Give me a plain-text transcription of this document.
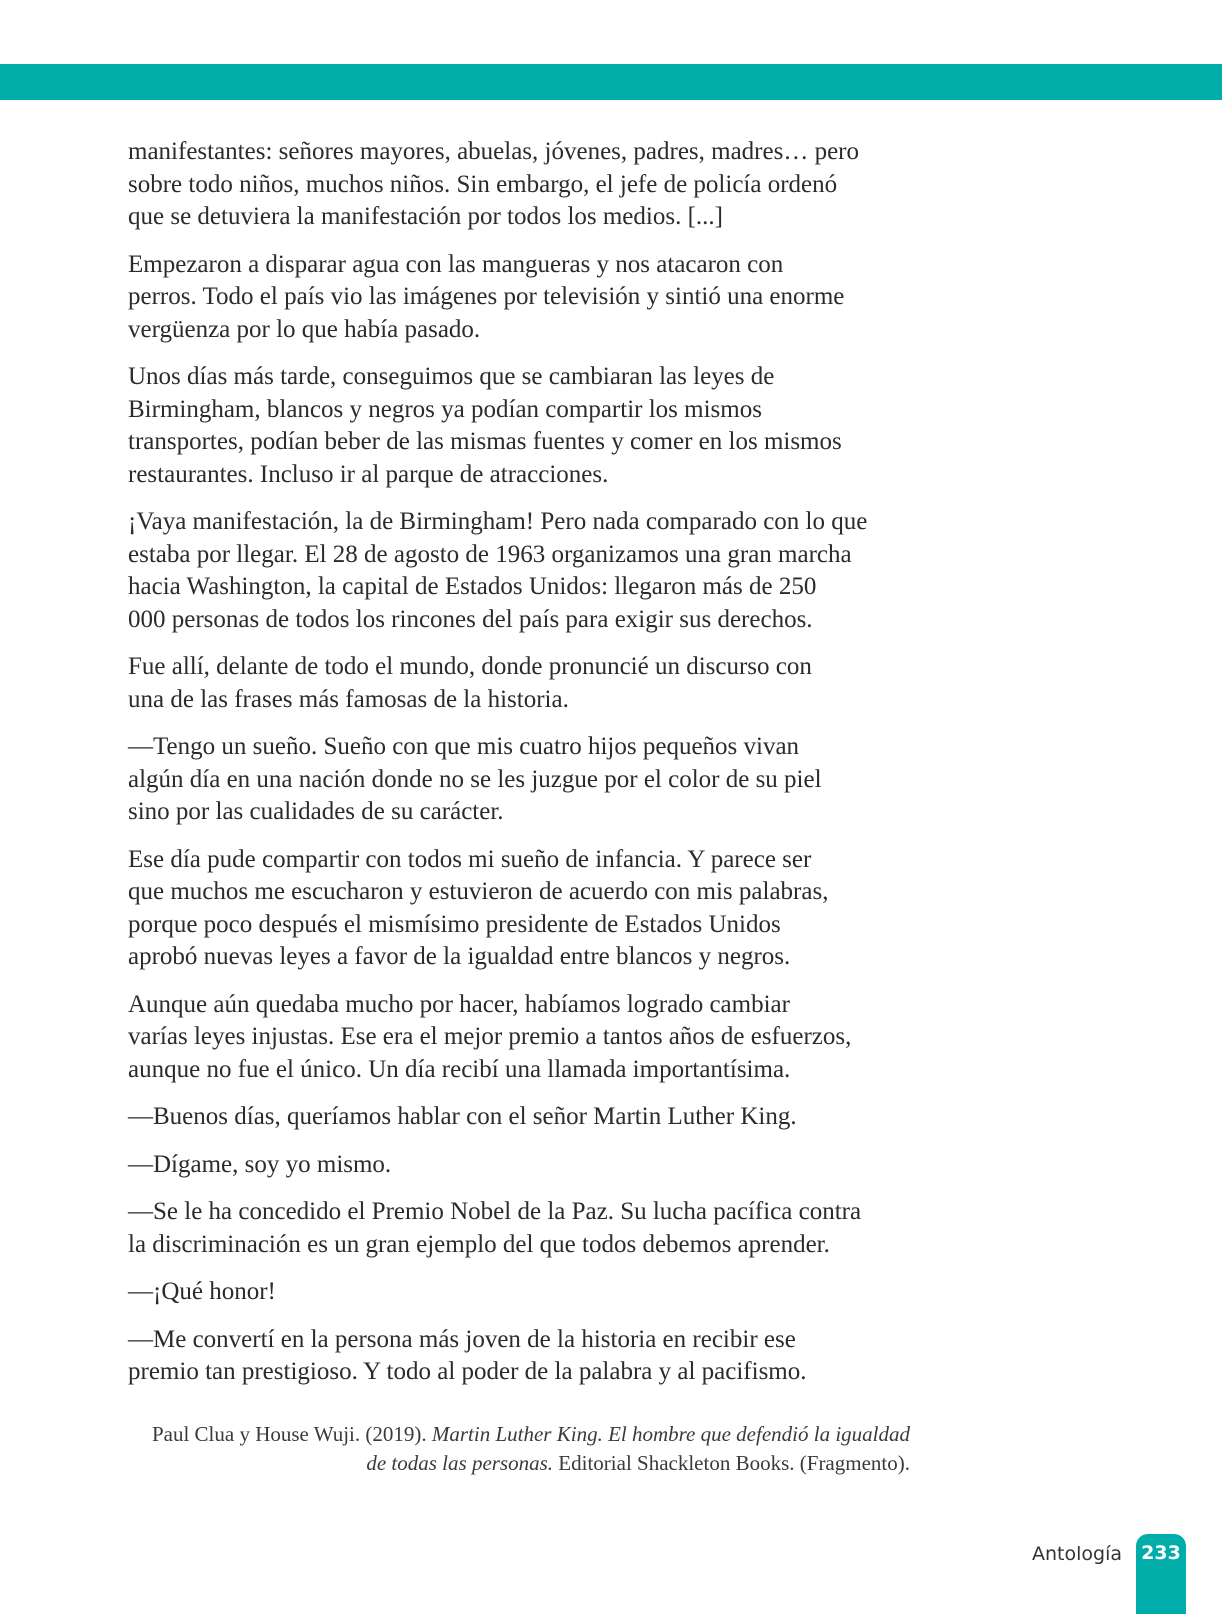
manifestantes: señores mayores, abuelas, jóvenes, padres, madres… pero
sobre todo niños, muchos niños. Sin embargo, el jefe de policía ordenó
que se detuviera la manifestación por todos los medios. [...]

Empezaron a disparar agua con las mangueras y nos atacaron con
perros. Todo el país vio las imágenes por televisión y sintió una enorme
vergüenza por lo que había pasado.

Unos días más tarde, conseguimos que se cambiaran las leyes de
Birmingham, blancos y negros ya podían compartir los mismos
transportes, podían beber de las mismas fuentes y comer en los mismos
restaurantes. Incluso ir al parque de atracciones.

¡Vaya manifestación, la de Birmingham! Pero nada comparado con lo que
estaba por llegar. El 28 de agosto de 1963 organizamos una gran marcha
hacia Washington, la capital de Estados Unidos: llegaron más de 250
000 personas de todos los rincones del país para exigir sus derechos.

Fue allí, delante de todo el mundo, donde pronuncié un discurso con
una de las frases más famosas de la historia.

—Tengo un sueño. Sueño con que mis cuatro hijos pequeños vivan
algún día en una nación donde no se les juzgue por el color de su piel
sino por las cualidades de su carácter.

Ese día pude compartir con todos mi sueño de infancia. Y parece ser
que muchos me escucharon y estuvieron de acuerdo con mis palabras,
porque poco después el mismísimo presidente de Estados Unidos
aprobó nuevas leyes a favor de la igualdad entre blancos y negros.

Aunque aún quedaba mucho por hacer, habíamos logrado cambiar
varías leyes injustas. Ese era el mejor premio a tantos años de esfuerzos,
aunque no fue el único. Un día recibí una llamada importantísima.

—Buenos días, queríamos hablar con el señor Martin Luther King.

—Dígame, soy yo mismo.

—Se le ha concedido el Premio Nobel de la Paz. Su lucha pacífica contra
la discriminación es un gran ejemplo del que todos debemos aprender.

—¡Qué honor!

—Me convertí en la persona más joven de la historia en recibir ese
premio tan prestigioso. Y todo al poder de la palabra y al pacifismo.

Paul Clua y House Wuji. (2019). Martin Luther King. El hombre que defendió la igualdad
de todas las personas. Editorial Shackleton Books. (Fragmento).
Antología 233
